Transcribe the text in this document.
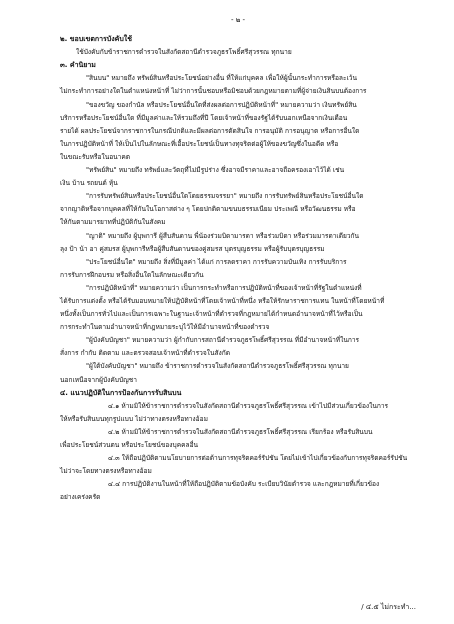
- ๒ -
๒. ขอบเขตการบังคับใช้
ใช้บังคับกับข้าราชการตำรวจในสังกัดสถานีตำรวจภูธรโพธิ์ศรีสุวรรณ ทุกนาย
๓. คำนิยาม
"สินบน" หมายถึง ทรัพย์สินหรือประโยชน์อย่างอื่น ที่ให้แก่บุคคล เพื่อให้ผู้นั้นกระทำการหรือละเว้น
ไม่กระทำการอย่างใดในตำแหน่งหน้าที่ ไม่ว่าการนั้นชอบหรือมิชอบด้วยกฎหมายตามที่ผู้จ่ายเงินสินบนต้องการ
"ของขวัญ ของกำนัล หรือประโยชน์อื่นใดที่ส่งผลต่อการปฏิบัติหน้าที่" หมายความว่า เงินทรัพย์สิน
บริการหรือประโยชน์อื่นใด ที่มีมูลค่าและให้รวมถึงที่ปี โดยเจ้าหน้าที่ของรัฐได้รับนอกเหนือจากเงินเดือน
รายได้ ผลประโยชน์จากราชการในกรณีปกติและมีผลต่อการตัดสินใจ การอนุมัติ การอนุญาต หรือการอื่นใด
ในการปฏิบัติหน้าที่ ให้เป็นไปในลักษณะที่เอื้อประโยชน์เป็นทางทุจริตต่อผู้ให้ของขวัญซึ่งในอดีต หรือ
ในขณะรับหรือในอนาคต
"ทรัพย์สิน" หมายถึง ทรัพย์และวัตถุที่ไม่มีรูปร่าง ซึ่งอาจมีราคาและอาจถือครองเอาไว้ได้ เช่น
เงิน บ้าน รถยนต์ หุ้น
"การรับทรัพย์สินหรือประโยชน์อื่นใดโดยธรรมจรรยา" หมายถึง การรับทรัพย์สินหรือประโยชน์อื่นใด
จากญาติหรือจากบุคคลที่ให้กันในโอกาสต่าง ๆ โดยปกติตามขนบธรรมเนียม ประเพณี หรือวัฒนธรรม หรือ
ให้กันตามมารยาทที่ปฏิบัติกันในสังคม
"ญาติ" หมายถึง ผู้บุพการี ผู้สืบสันดาน พี่น้องร่วมบิดามารดา หรือร่วมบิดา หรือร่วมมารดาเดียวกัน
ลุง ป้า น้า อา คู่สมรส ผู้บุพการีหรือผู้สืบสันดานของคู่สมรส บุตรบุญธรรม หรือผู้รับบุตรบุญธรรม
"ประโยชน์อื่นใด" หมายถึง สิ่งที่มีมูลค่า ได้แก่ การลดราคา การรับความบันเทิง การรับบริการ
การรับการฝึกอบรม หรือสิ่งอื่นใดในลักษณะเดียวกัน
"การปฏิบัติหน้าที่" หมายความว่า เป็นการกระทำหรือการปฏิบัติหน้าที่ของเจ้าหน้าที่รัฐในตำแหน่งที่
ได้รับการแต่งตั้ง หรือได้รับมอบหมายให้ปฏิบัติหน้าที่โดยเจ้าหน้าที่หนึ่ง หรือให้รักษาราชการแทน ในหน้าที่โดยหน้าที่
หนึ่งทั้งเป็นการทั่วไปและเป็นการเฉพาะในฐานะเจ้าหน้าที่ตำรวจที่กฎหมายได้กำหนดอำนาจหน้าที่ไว้หรือเป็น
การกระทำในตามอำนาจหน้าที่กฎหมายระบุไว้ให้มีอำนาจหน้าที่ของตำรวจ
"ผู้บังคับบัญชา" หมายความว่า ผู้กำกับการสถานีตำรวจภูธรโพธิ์ศรีสุวรรณ ที่มีอำนาจหน้าที่ในการ
สั่งการ กำกับ ติดตาม และตรวจสอบเจ้าหน้าที่ตำรวจในสังกัด
"ผู้ใต้บังคับบัญชา" หมายถึง ข้าราชการตำรวจในสังกัดสถานีตำรวจภูธรโพธิ์ศรีสุวรรณ ทุกนาย
นอกเหนือจากผู้บังคับบัญชา
๔. แนวปฏิบัติในการป้องกันการรับสินบน
๔.๑ ห้ามมิให้ข้าราชการตำรวจในสังกัดสถานีตำรวจภูธรโพธิ์ศรีสุวรรณ เข้าไปมีส่วนเกี่ยวข้องในการ
ให้หรือรับสินบนทุกรูปแบบ ไม่ว่าทางตรงหรือทางอ้อม
๔.๒ ห้ามมิให้ข้าราชการตำรวจในสังกัดสถานีตำรวจภูธรโพธิ์ศรีสุวรรณ เรียกร้อง หรือรับสินบน
เพื่อประโยชน์ส่วนตน หรือประโยชน์ของบุคคลอื่น
๔.๓ ให้ถือปฏิบัติตามนโยบายการต่อต้านการทุจริตคอร์รัปชัน โดยไม่เข้าไปเกี่ยวข้องกับการทุจริตคอร์รัปชัน
ไม่ว่าจะโดยทางตรงหรือทางอ้อม
๔.๔ การปฏิบัติงานในหน้าที่ให้ถือปฏิบัติตามข้อบังคับ ระเบียบวินัยตำรวจ และกฎหมายที่เกี่ยวข้อง
อย่างเคร่งครัด
/ ๔.๕ ไม่กระทำ...
